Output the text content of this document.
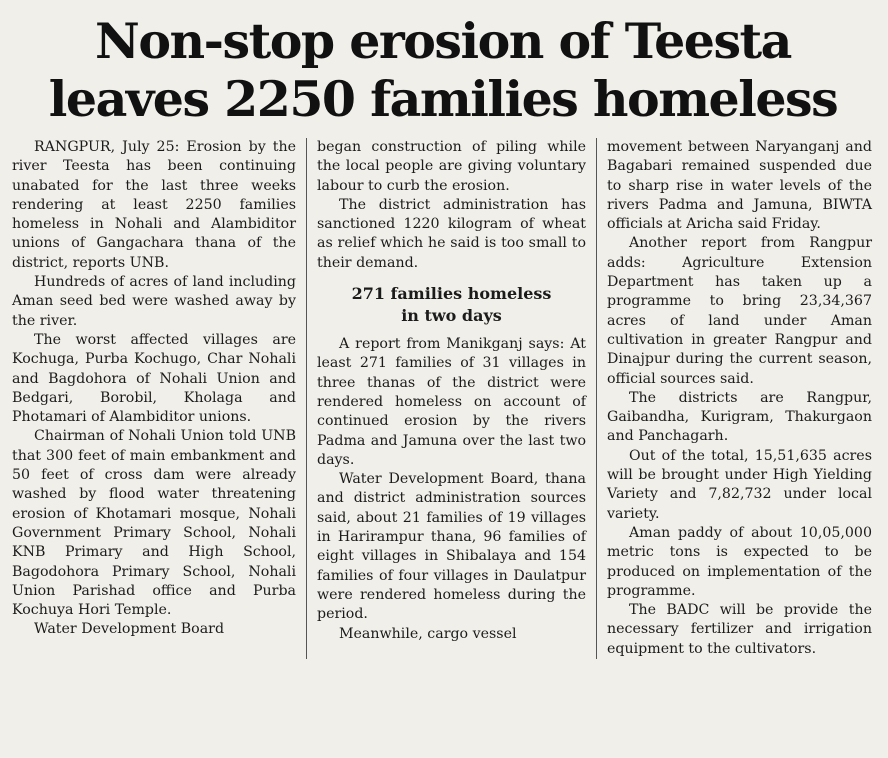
Non-stop erosion of Teesta
leaves 2250 families homeless

RANGPUR, July 25: Erosion by the river Teesta has been continuing unabated for the last three weeks rendering at least 2250 families homeless in Nohali and Alambiditor unions of Gangachara thana of the district, reports UNB.

Hundreds of acres of land including Aman seed bed were washed away by the river.

The worst affected villages are Kochuga, Purba Kochugo, Char Nohali and Bagdohora of Nohali Union and Bedgari, Borobil, Kholaga and Photamari of Alambiditor unions.

Chairman of Nohali Union told UNB that 300 feet of main embankment and 50 feet of cross dam were already washed by flood water threatening erosion of Khotamari mosque, Nohali Government Primary School, Nohali KNB Primary and High School, Bagodohora Primary School, Nohali Union Parishad office and Purba Kochuya Hori Temple.

Water Development Board

began construction of piling while the local people are giving voluntary labour to curb the erosion.

The district administration has sanctioned 1220 kilogram of wheat as relief which he said is too small to their demand.

271 families homeless
in two days

A report from Manikganj says: At least 271 families of 31 villages in three thanas of the district were rendered homeless on account of continued erosion by the rivers Padma and Jamuna over the last two days.

Water Development Board, thana and district administration sources said, about 21 families of 19 villages in Harirampur thana, 96 families of eight villages in Shibalaya and 154 families of four villages in Daulatpur were rendered homeless during the period.

Meanwhile, cargo vessel

movement between Naryanganj and Bagabari remained suspended due to sharp rise in water levels of the rivers Padma and Jamuna, BIWTA officials at Aricha said Friday.

Another report from Rangpur adds: Agriculture Extension Department has taken up a programme to bring 23,34,367 acres of land under Aman cultivation in greater Rangpur and Dinajpur during the current season, official sources said.

The districts are Rangpur, Gaibandha, Kurigram, Thakurgaon and Panchagarh.

Out of the total, 15,51,635 acres will be brought under High Yielding Variety and 7,82,732 under local variety.

Aman paddy of about 10,05,000 metric tons is expected to be produced on implementation of the programme.

The BADC will be provide the necessary fertilizer and irrigation equipment to the cultivators.
